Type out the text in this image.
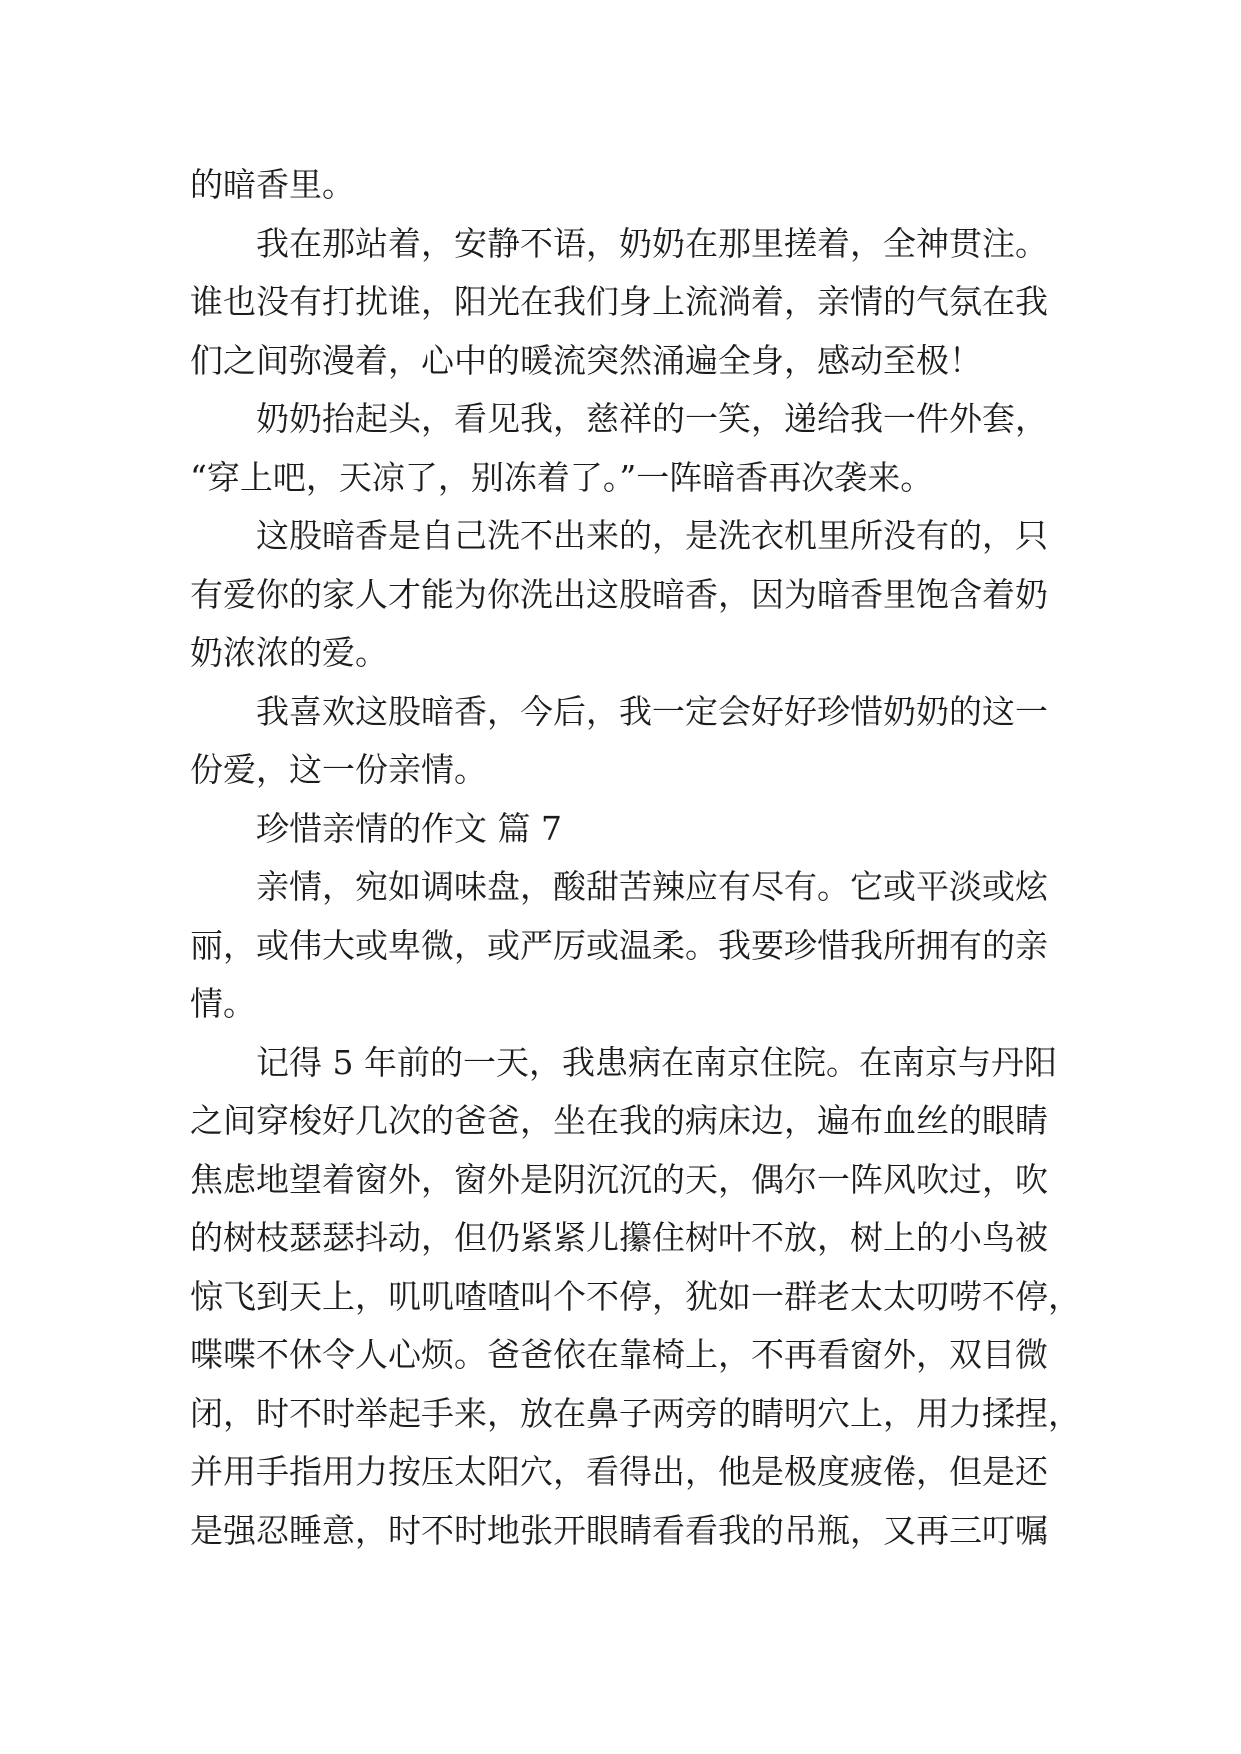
的暗香里。

我在那站着，安静不语，奶奶在那里搓着，全神贯注。
谁也没有打扰谁，阳光在我们身上流淌着，亲情的气氛在我
们之间弥漫着，心中的暖流突然涌遍全身，感动至极！

奶奶抬起头，看见我，慈祥的一笑，递给我一件外套，
“穿上吧，天凉了，别冻着了。”一阵暗香再次袭来。

这股暗香是自己洗不出来的，是洗衣机里所没有的，只
有爱你的家人才能为你洗出这股暗香，因为暗香里饱含着奶
奶浓浓的爱。

我喜欢这股暗香，今后，我一定会好好珍惜奶奶的这一
份爱，这一份亲情。

珍惜亲情的作文 篇 7

亲情，宛如调味盘，酸甜苦辣应有尽有。它或平淡或炫
丽，或伟大或卑微，或严厉或温柔。我要珍惜我所拥有的亲
情。

记得 5 年前的一天，我患病在南京住院。在南京与丹阳
之间穿梭好几次的爸爸，坐在我的病床边，遍布血丝的眼睛
焦虑地望着窗外，窗外是阴沉沉的天，偶尔一阵风吹过，吹
的树枝瑟瑟抖动，但仍紧紧儿攥住树叶不放，树上的小鸟被
惊飞到天上，叽叽喳喳叫个不停，犹如一群老太太叨唠不停，
喋喋不休令人心烦。爸爸依在靠椅上，不再看窗外，双目微
闭，时不时举起手来，放在鼻子两旁的睛明穴上，用力揉捏，
并用手指用力按压太阳穴，看得出，他是极度疲倦，但是还
是强忍睡意，时不时地张开眼睛看看我的吊瓶，又再三叮嘱
